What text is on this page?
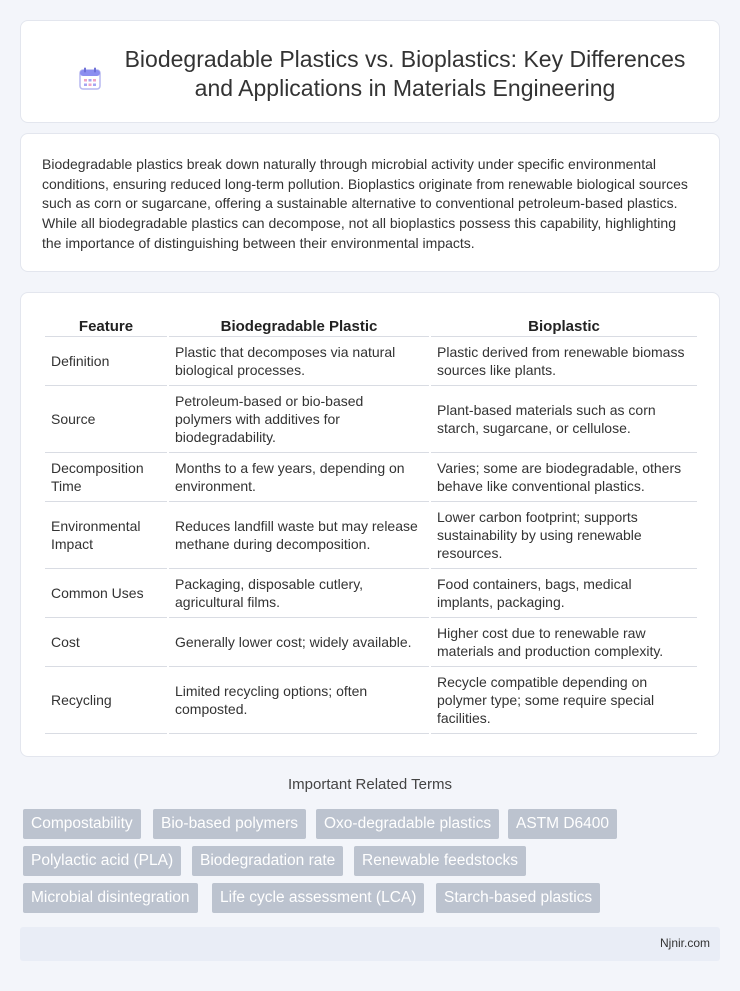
Biodegradable Plastics vs. Bioplastics: Key Differences
and Applications in Materials Engineering

Biodegradable plastics break down naturally through microbial activity under specific environmental conditions, ensuring reduced long-term pollution. Bioplastics originate from renewable biological sources such as corn or sugarcane, offering a sustainable alternative to conventional petroleum-based plastics. While all biodegradable plastics can decompose, not all bioplastics possess this capability, highlighting the importance of distinguishing between their environmental impacts.

Feature	Biodegradable Plastic	Bioplastic
Definition	Plastic that decomposes via natural biological processes.	Plastic derived from renewable biomass sources like plants.
Source	Petroleum-based or bio-based polymers with additives for biodegradability.	Plant-based materials such as corn starch, sugarcane, or cellulose.
Decomposition Time	Months to a few years, depending on environment.	Varies; some are biodegradable, others behave like conventional plastics.
Environmental Impact	Reduces landfill waste but may release methane during decomposition.	Lower carbon footprint; supports sustainability by using renewable resources.
Common Uses	Packaging, disposable cutlery, agricultural films.	Food containers, bags, medical implants, packaging.
Cost	Generally lower cost; widely available.	Higher cost due to renewable raw materials and production complexity.
Recycling	Limited recycling options; often composted.	Recycle compatible depending on polymer type; some require special facilities.
Important Related Terms
Compostability	Bio-based polymers	Oxo-degradable plastics	ASTM D6400
Polylactic acid (PLA)	Biodegradation rate	Renewable feedstocks
Microbial disintegration	Life cycle assessment (LCA)	Starch-based plastics
Njnir.com
